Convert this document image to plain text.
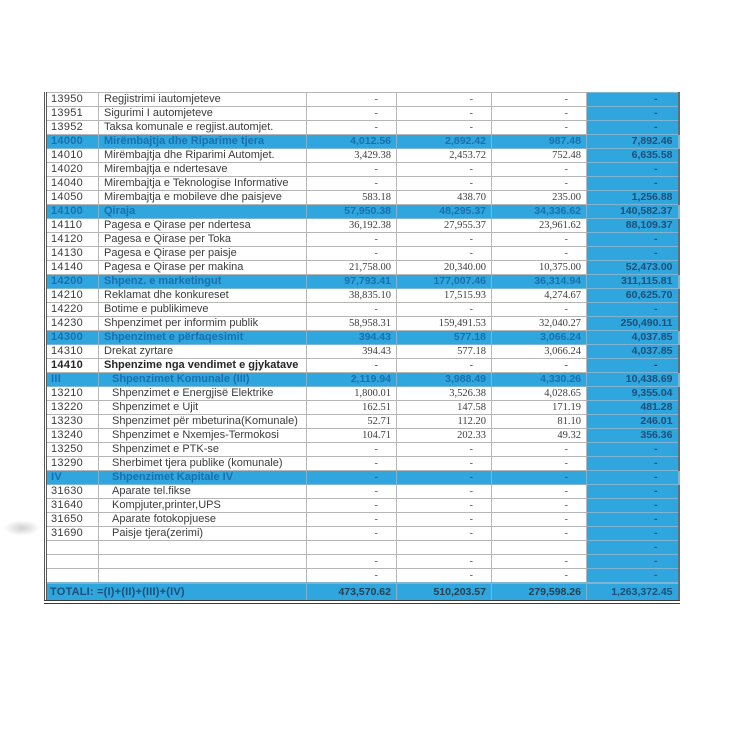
13950	Regjistrimi iautomjeteve	-	-	-	-
13951	Sigurimi I automjeteve	-	-	-	-
13952	Taksa komunale e regjist.automjet.	-	-	-	-
14000	Mirëmbajtja dhe Riparime tjera	4,012.56	2,892.42	987.48	7,892.46
14010	Mirëmbajtja dhe Riparimi Automjet.	3,429.38	2,453.72	752.48	6,635.58
14020	Mirembajtja e ndertesave	-	-	-	-
14040	Mirembajtja e Teknologise Informative	-	-	-	-
14050	Mirembajtja e mobileve dhe paisjeve	583.18	438.70	235.00	1,256.88
14100	Qiraja	57,950.38	48,295.37	34,336.62	140,582.37
14110	Pagesa e Qirase per ndertesa	36,192.38	27,955.37	23,961.62	88,109.37
14120	Pagesa e Qirase per Toka	-	-	-	-
14130	Pagesa e Qirase per paisje	-	-	-	-
14140	Pagesa e Qirase per makina	21,758.00	20,340.00	10,375.00	52,473.00
14200	Shpenz. e marketingut	97,793.41	177,007.46	36,314.94	311,115.81
14210	Reklamat dhe konkureset	38,835.10	17,515.93	4,274.67	60,625.70
14220	Botime e publikimeve	-	-	-	-
14230	Shpenzimet per informim publik	58,958.31	159,491.53	32,040.27	250,490.11
14300	Shpenzimet e përfaqesimit	394.43	577.18	3,066.24	4,037.85
14310	Drekat zyrtare	394.43	577.18	3,066.24	4,037.85
14410	Shpenzime nga vendimet e gjykatave	-	-	-	-
III	Shpenzimet Komunale (III)	2,119.94	3,988.49	4,330.26	10,438.69
13210	Shpenzimet e Energjisë Elektrike	1,800.01	3,526.38	4,028.65	9,355.04
13220	Shpenzimet e Ujit	162.51	147.58	171.19	481.28
13230	Shpenzimet për mbeturina(Komunale)	52.71	112.20	81.10	246.01
13240	Shpenzimet e Nxemjes-Termokosi	104.71	202.33	49.32	356.36
13250	Shpenzimet e PTK-se	-	-	-	-
13290	Sherbimet tjera publike (komunale)	-	-	-	-
IV	Shpenzimet Kapitale IV	-	-	-	-
31630	Aparate tel.fikse	-	-	-	-
31640	Kompjuter,printer,UPS	-	-	-	-
31650	Aparate fotokopjuese	-	-	-	-
31690	Paisje tjera(zerimi)	-	-	-	-
					-
		-	-	-	-
		-	-	-	-
TOTALI: =(I)+(II)+(III)+(IV)		473,570.62	510,203.57	279,598.26	1,263,372.45
